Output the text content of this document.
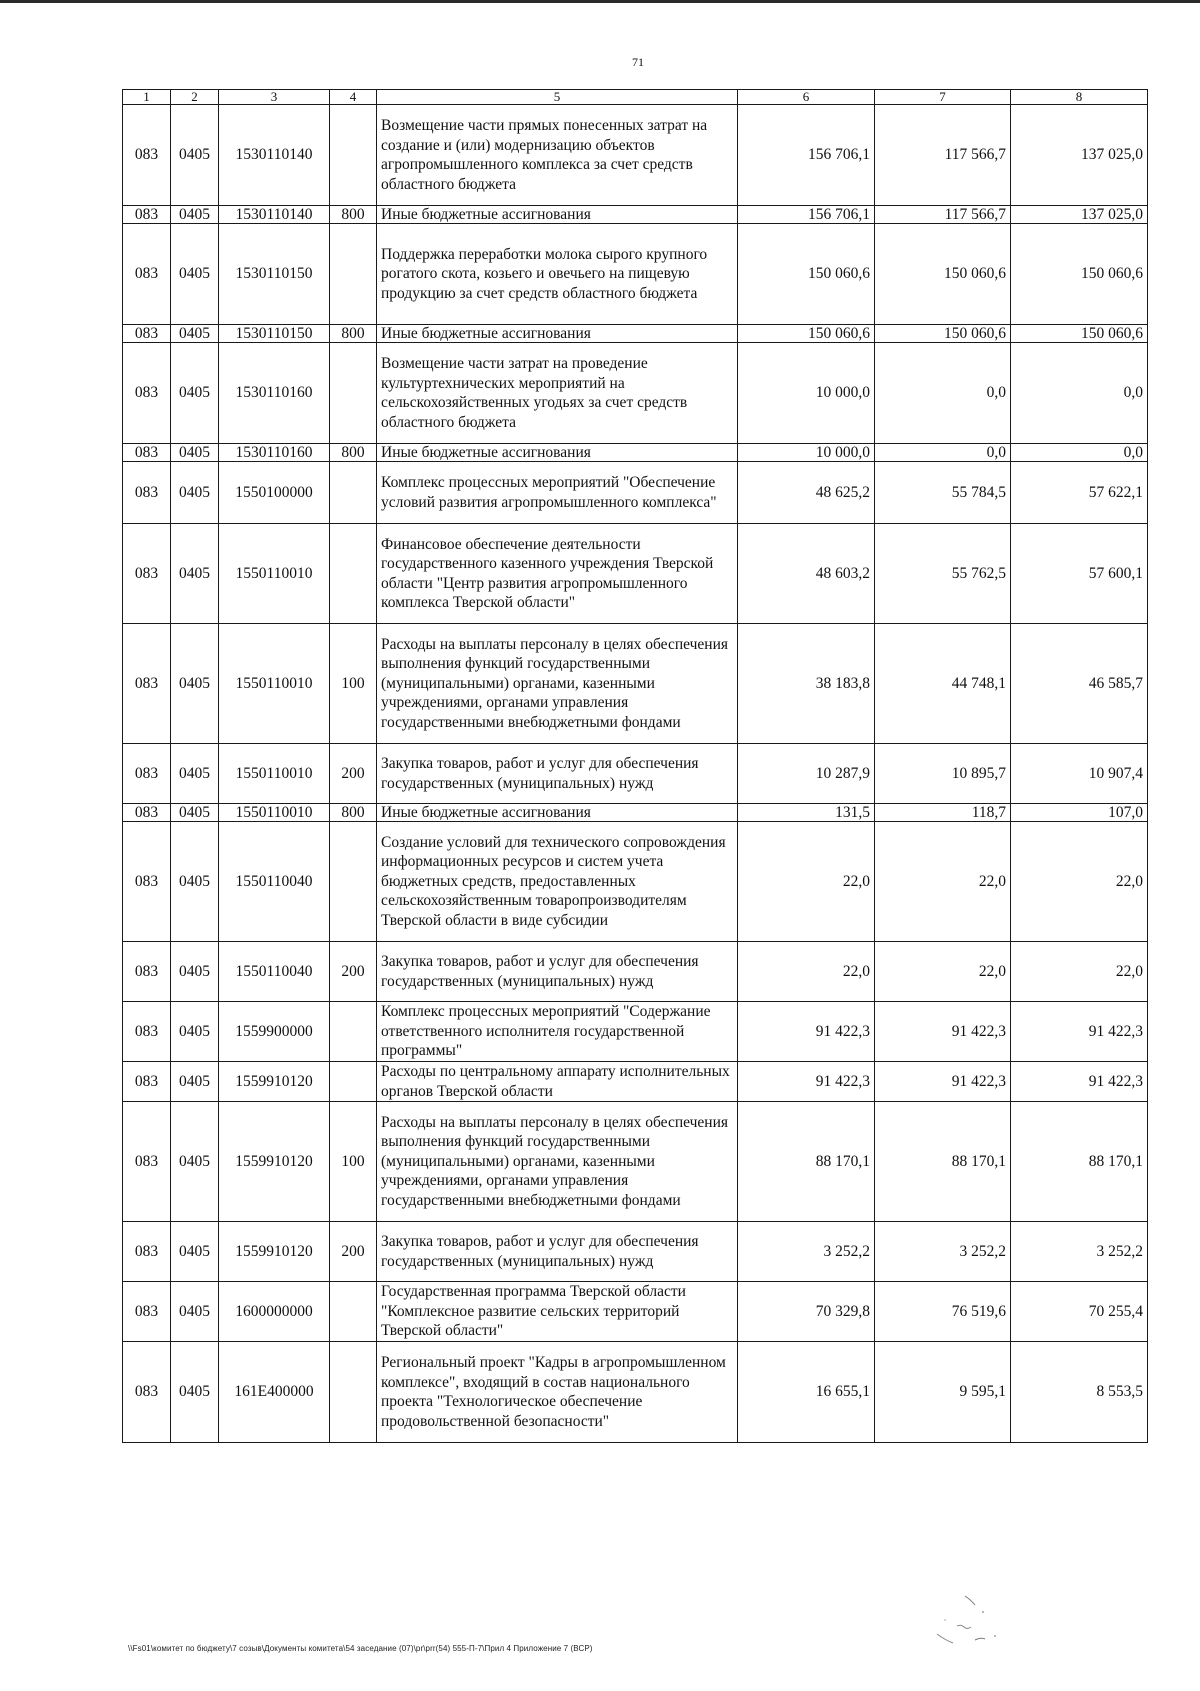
71
1	2	3	4	5	6	7	8
083	0405	1530110140		Возмещение части прямых понесенных затрат на создание и (или) модернизацию объектов агропромышленного комплекса за счет средств областного бюджета	156 706,1	117 566,7	137 025,0
083	0405	1530110140	800	Иные бюджетные ассигнования	156 706,1	117 566,7	137 025,0
083	0405	1530110150		Поддержка переработки молока сырого крупного рогатого скота, козьего и овечьего на пищевую продукцию за счет средств областного бюджета	150 060,6	150 060,6	150 060,6
083	0405	1530110150	800	Иные бюджетные ассигнования	150 060,6	150 060,6	150 060,6
083	0405	1530110160		Возмещение части затрат на проведение культуртехнических мероприятий на сельскохозяйственных угодьях за счет средств областного бюджета	10 000,0	0,0	0,0
083	0405	1530110160	800	Иные бюджетные ассигнования	10 000,0	0,0	0,0
083	0405	1550100000		Комплекс процессных мероприятий "Обеспечение условий развития агропромышленного комплекса"	48 625,2	55 784,5	57 622,1
083	0405	1550110010		Финансовое обеспечение деятельности государственного казенного учреждения Тверской области "Центр развития агропромышленного комплекса Тверской области"	48 603,2	55 762,5	57 600,1
083	0405	1550110010	100	Расходы на выплаты персоналу в целях обеспечения выполнения функций государственными (муниципальными) органами, казенными учреждениями, органами управления государственными внебюджетными фондами	38 183,8	44 748,1	46 585,7
083	0405	1550110010	200	Закупка товаров, работ и услуг для обеспечения государственных (муниципальных) нужд	10 287,9	10 895,7	10 907,4
083	0405	1550110010	800	Иные бюджетные ассигнования	131,5	118,7	107,0
083	0405	1550110040		Создание условий для технического сопровождения информационных ресурсов и систем учета бюджетных средств, предоставленных сельскохозяйственным товаропроизводителям Тверской области в виде субсидии	22,0	22,0	22,0
083	0405	1550110040	200	Закупка товаров, работ и услуг для обеспечения государственных (муниципальных) нужд	22,0	22,0	22,0
083	0405	1559900000		Комплекс процессных мероприятий "Содержание ответственного исполнителя государственной программы"	91 422,3	91 422,3	91 422,3
083	0405	1559910120		Расходы по центральному аппарату исполнительных органов Тверской области	91 422,3	91 422,3	91 422,3
083	0405	1559910120	100	Расходы на выплаты персоналу в целях обеспечения выполнения функций государственными (муниципальными) органами, казенными учреждениями, органами управления государственными внебюджетными фондами	88 170,1	88 170,1	88 170,1
083	0405	1559910120	200	Закупка товаров, работ и услуг для обеспечения государственных (муниципальных) нужд	3 252,2	3 252,2	3 252,2
083	0405	1600000000		Государственная программа Тверской области "Комплексное развитие сельских территорий Тверской области"	70 329,8	76 519,6	70 255,4
083	0405	161E400000		Региональный проект "Кадры в агропромышленном комплексе", входящий в состав национального проекта "Технологическое обеспечение продовольственной безопасности"	16 655,1	9 595,1	8 553,5
\\Fs01\комитет по бюджету\7 созыв\Документы комитета\54 заседание (07)\pr\prr(54) 555-П-7\Прил 4 Приложение 7 (ВСР)
